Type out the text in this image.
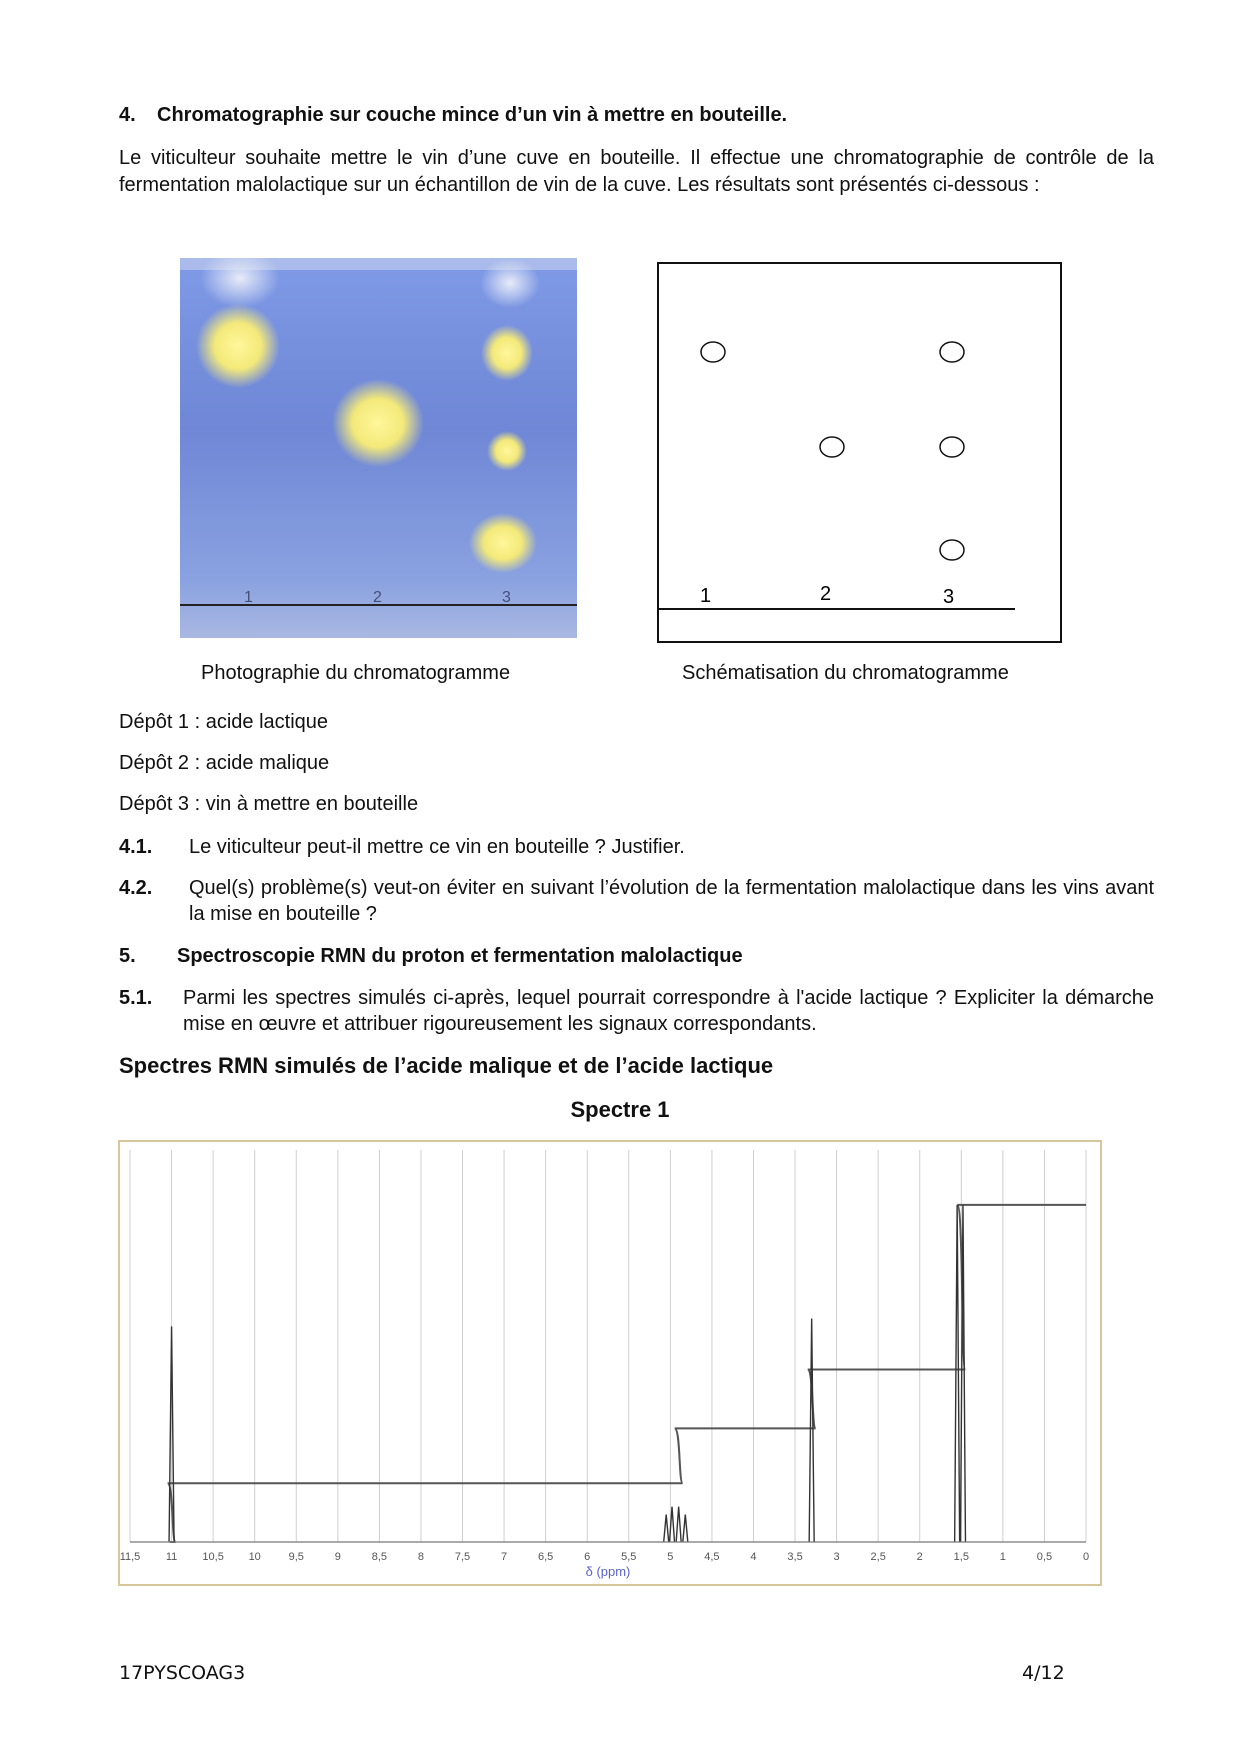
4. Chromatographie sur couche mince d’un vin à mettre en bouteille.
Le viticulteur souhaite mettre le vin d’une cuve en bouteille. Il effectue une chromatographie de contrôle de la fermentation malolactique sur un échantillon de vin de la cuve. Les résultats sont présentés ci-dessous :
1	2	3	1	2	3
Photographie du chromatogramme	Schématisation du chromatogramme
Dépôt 1 : acide lactique
Dépôt 2 : acide malique
Dépôt 3 : vin à mettre en bouteille
4.1. Le viticulteur peut-il mettre ce vin en bouteille ? Justifier.
4.2. Quel(s) problème(s) veut-on éviter en suivant l’évolution de la fermentation malolactique dans les vins avant la mise en bouteille ?
5. Spectroscopie RMN du proton et fermentation malolactique
5.1. Parmi les spectres simulés ci-après, lequel pourrait correspondre à l'acide lactique ? Expliciter la démarche mise en œuvre et attribuer rigoureusement les signaux correspondants.
Spectres RMN simulés de l’acide malique et de l’acide lactique
Spectre 1
11,5 11 10,5 10	9,5	9	8,5	8	7,5	7	6,5	6	5,5	5	4,5	4	3,5	3	2,5	2	1,5	1	0,5	0
δ (ppm)
17PYSCOAG3	4/12
